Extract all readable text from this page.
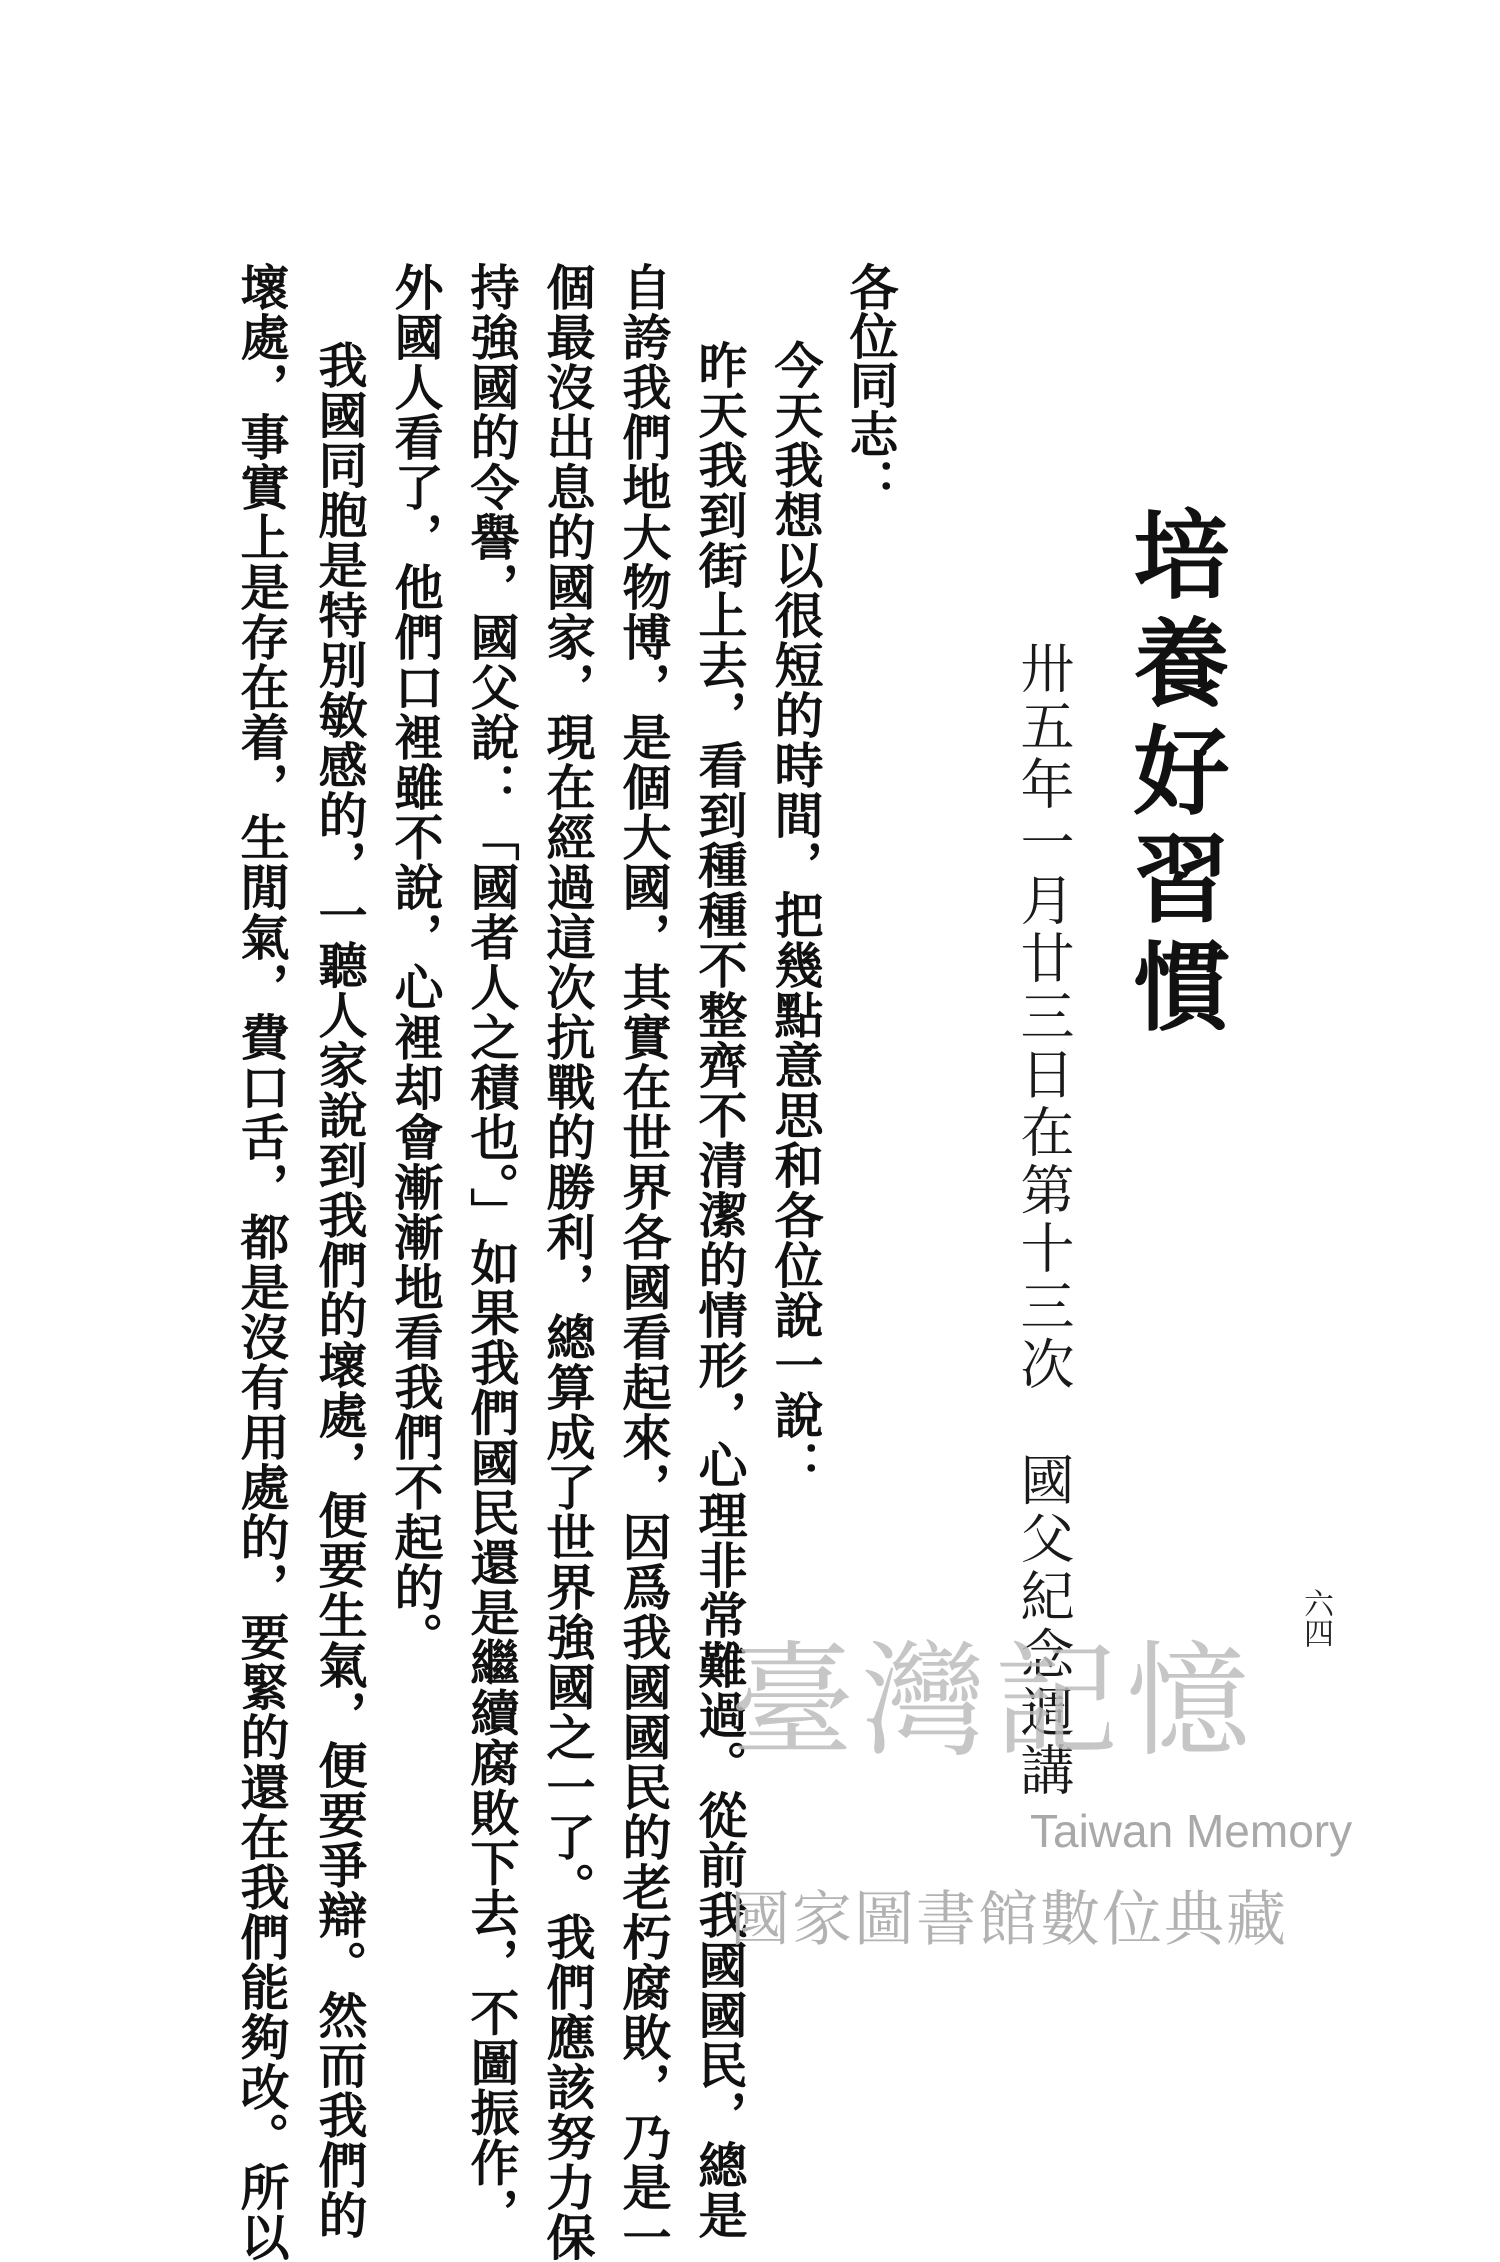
培養好習慣
卅五年一月廿三日在第十三次　國父紀念週講	六四
各位同志：
今天我想以很短的時間，把幾點意思和各位說一說：
昨天我到街上去，看到種種不整齊不清潔的情形，心理非常難過。從前我國國民，總是
自誇我們地大物博，是個大國，其實在世界各國看起來，因爲我國國民的老朽腐敗，乃是一
個最沒出息的國家，現在經過這次抗戰的勝利，總算成了世界強國之一了。我們應該努力保
持強國的令譽，國父說：「國者人之積也。」如果我們國民還是繼續腐敗下去，不圖振作，
外國人看了，他們口裡雖不說，心裡却會漸漸地看我們不起的。
我國同胞是特別敏感的，一聽人家說到我們的壞處，便要生氣，便要爭辯。然而我們的
壞處，事實上是存在着，生閒氣，費口舌，都是沒有用處的，要緊的還在我們能夠改。所以	臺灣記憶
Taiwan Memory
國家圖書館數位典藏
